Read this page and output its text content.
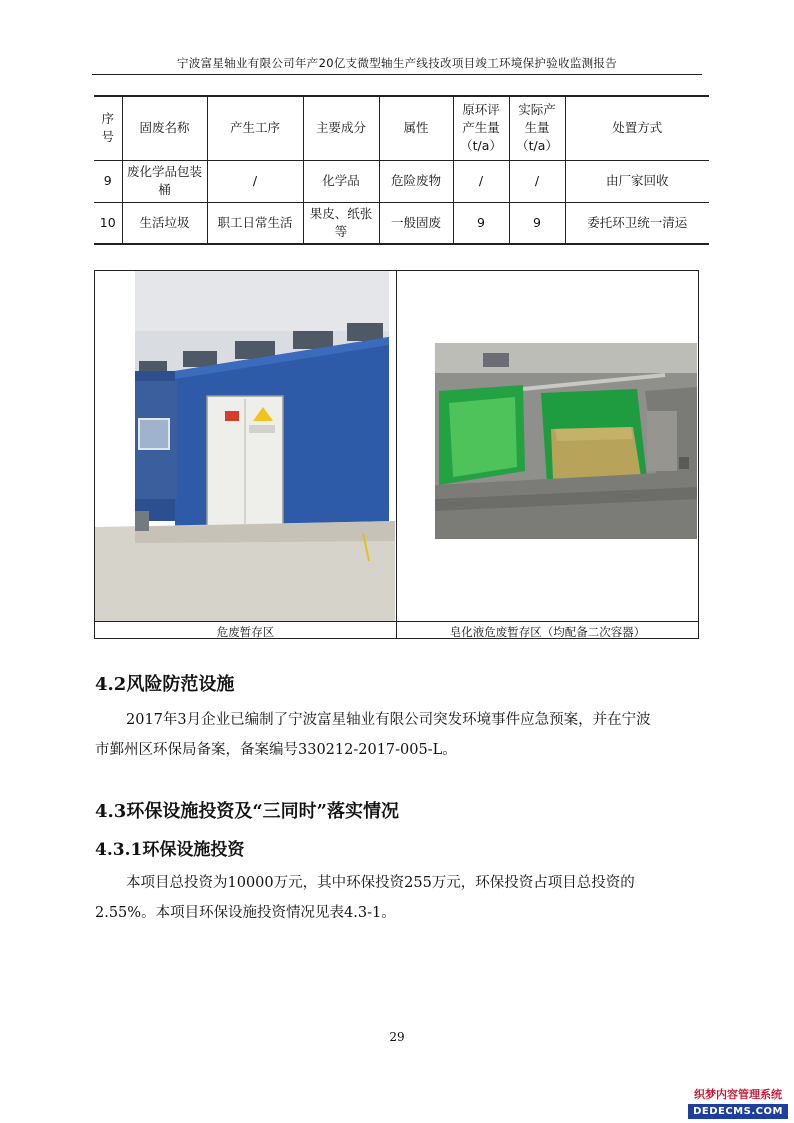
宁波富星轴业有限公司年产20亿支微型轴生产线技改项目竣工环境保护验收监测报告
序号	固废名称	产生工序	主要成分	属性	原环评产生量（t/a）	实际产生量（t/a）	处置方式
9	废化学品包装桶	/	化学品	危险废物	/	/	由厂家回收
10	生活垃圾	职工日常生活	果皮、纸张等	一般固废	9	9	委托环卫统一清运
危废暂存区	皂化液危废暂存区（均配备二次容器）
4.2风险防范设施
2017年3月企业已编制了宁波富星轴业有限公司突发环境事件应急预案，并在宁波
市鄞州区环保局备案，备案编号330212-2017-005-L。
4.3环保设施投资及“三同时”落实情况
4.3.1环保设施投资
本项目总投资为10000万元，其中环保投资255万元，环保投资占项目总投资的
2.55%。本项目环保设施投资情况见表4.3-1。
29
织梦内容管理系统
DEDECMS.COM
